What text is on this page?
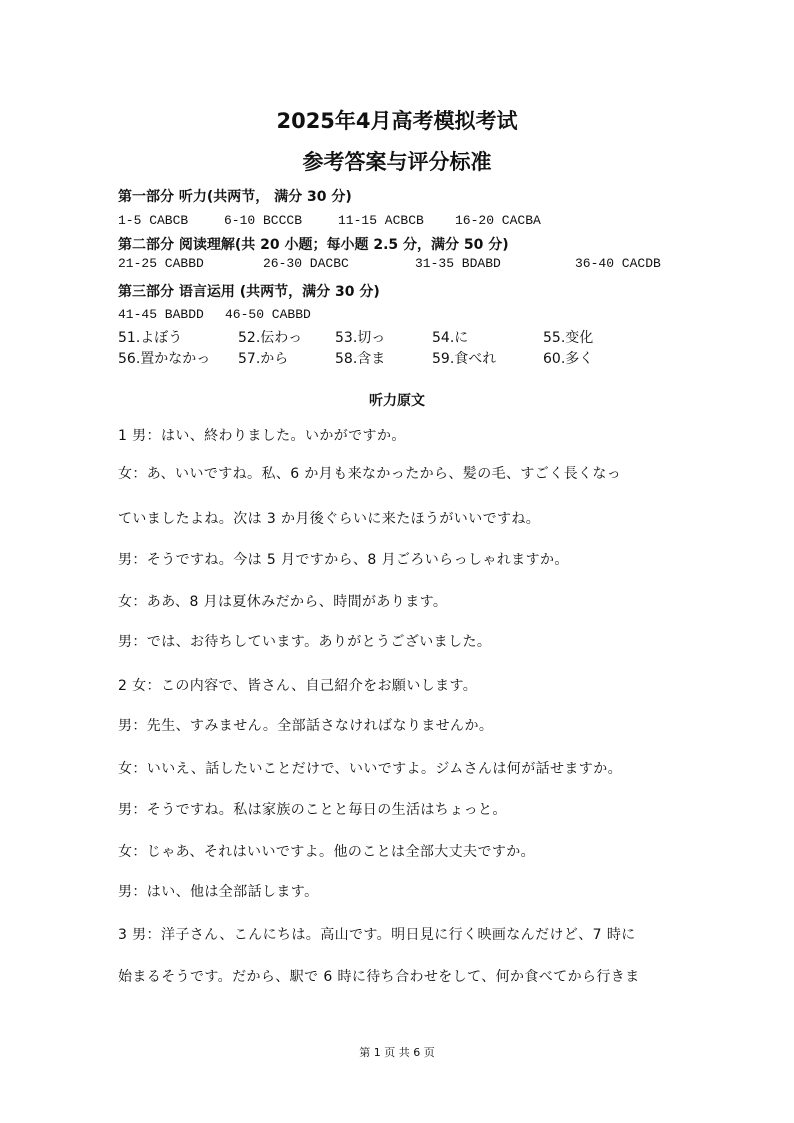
2025年4月高考模拟考试
参考答案与评分标准
第一部分 听力(共两节， 满分 30 分)
1-5 CABCB	6-10 BCCCB	11-15 ACBCB 16-20 CACBA
第二部分 阅读理解(共 20 小题；每小题 2.5 分，满分 50 分)
21-25 CABBD	26-30 DACBC	31-35 BDABD	36-40 CACDB
第三部分 语言运用 (共两节，满分 30 分)
41-45 BABDD 46-50 CABBD
51.よぼう	52.伝わっ 53.切っ	54.に	55.变化
56.置かなかっ 57.から	58.含ま	59.食べれ	60.多く
听力原文
1 男：はい、終わりました。いかがですか。
女：あ、いいですね。私、6 か月も来なかったから、髪の毛、すごく長くなっ
ていましたよね。次は 3 か月後ぐらいに来たほうがいいですね。
男：そうですね。今は 5 月ですから、8 月ごろいらっしゃれますか。
女：ああ、8 月は夏休みだから、時間があります。
男：では、お待ちしています。ありがとうございました。
2 女：この内容で、皆さん、自己紹介をお願いします。
男：先生、すみません。全部話さなければなりませんか。
女：いいえ、話したいことだけで、いいですよ。ジムさんは何が話せますか。
男：そうですね。私は家族のことと毎日の生活はちょっと。
女：じゃあ、それはいいですよ。他のことは全部大丈夫ですか。
男：はい、他は全部話します。
3 男：洋子さん、こんにちは。高山です。明日見に行く映画なんだけど、7 時に
始まるそうです。だから、駅で 6 時に待ち合わせをして、何か食べてから行きま
第 1 页 共 6 页
